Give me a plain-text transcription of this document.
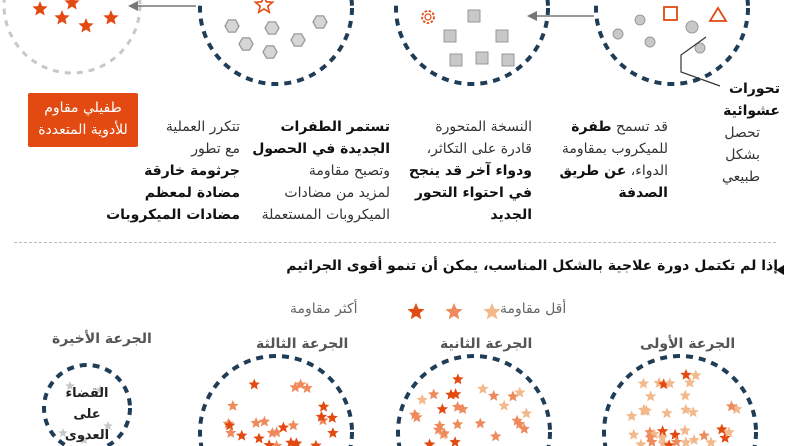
تحورات عشوائية
تحصل
بشكل
طبيعي
قد تسمح طفرة
للميكروب بمقاومة
الدواء، عن طريق
الصدفة
النسخة المتحورة
قادرة على التكاثر،
ودواء آخر قد ينجح
في احتواء التحور
الجديد
تستمر الطفرات
الجديدة في الحصول
وتصبح مقاومة
لمزيد من مضادات
الميكروبات المستعملة
تتكرر العملية
مع تطور
جرثومة خارقة
مضادة لمعظم
مضادات الميكروبات
طفيلي مقاوم
للأدوية المتعددة
إذا لم تكتمل دورة علاجية بالشكل المناسب، يمكن أن تنمو أقوى الجراثيم
أقل مقاومة
أكثر مقاومة
الجرعة الأولى
الجرعة الثانية
الجرعة الثالثة
الجرعة الأخيرة
القضاء
على العدوى
